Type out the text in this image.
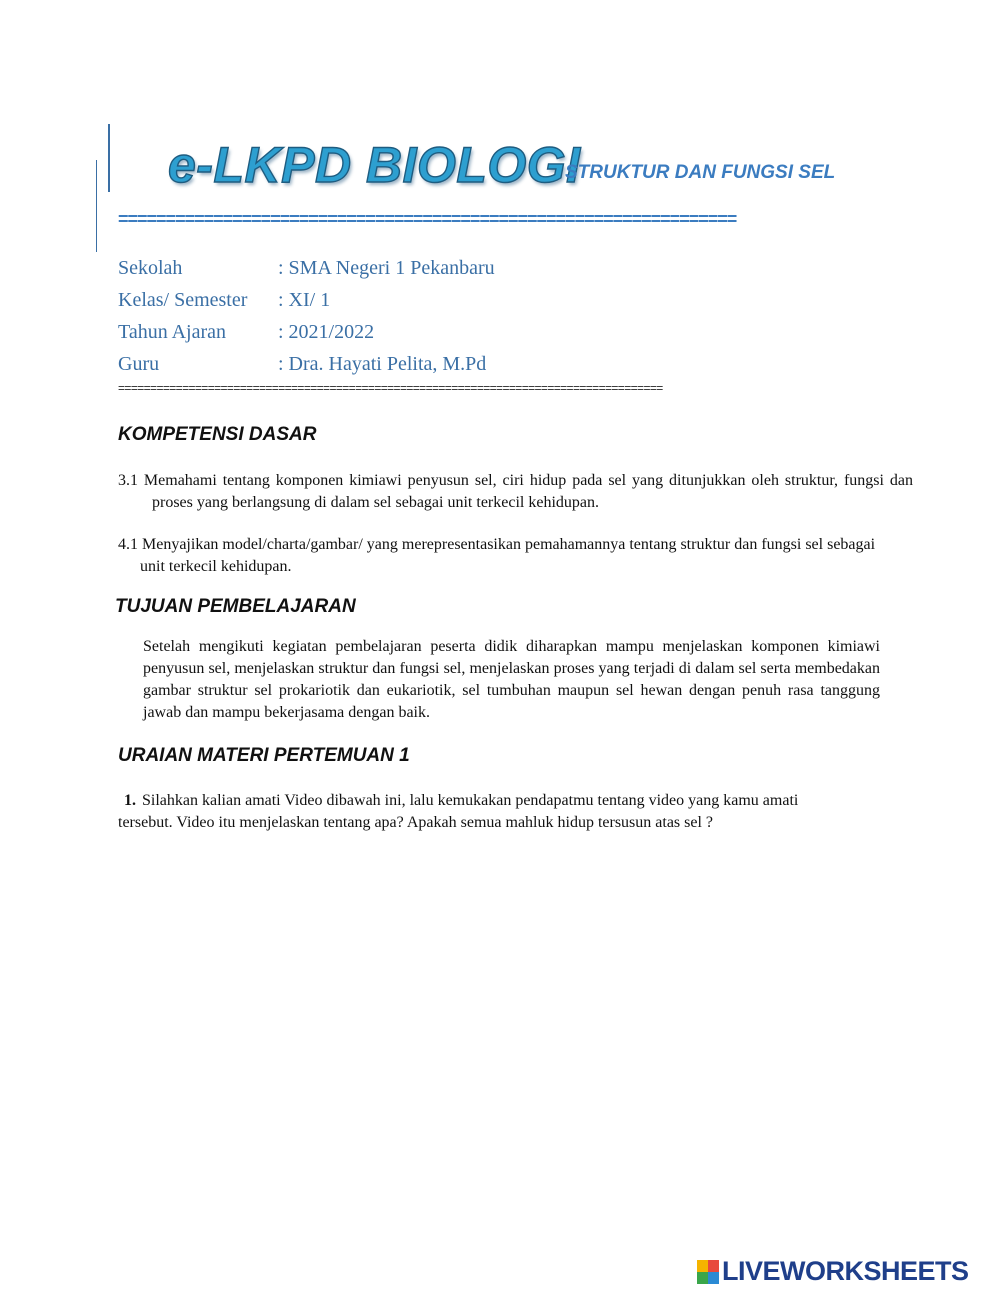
e-LKPD BIOLOGI
STRUKTUR DAN FUNGSI SEL
=================================================================
Sekolah	: SMA Negeri 1 Pekanbaru
Kelas/ Semester : XI/ 1
Tahun Ajaran	: 2021/2022
Guru	: Dra. Hayati Pelita, M.Pd
=====================================================================================
KOMPETENSI DASAR
3.1 Memahami tentang komponen kimiawi penyusun sel, ciri hidup pada sel yang ditunjukkan oleh struktur, fungsi dan proses yang berlangsung di dalam sel sebagai unit terkecil kehidupan.
4.1 Menyajikan model/charta/gambar/ yang merepresentasikan pemahamannya tentang struktur dan fungsi sel sebagai unit terkecil kehidupan.
TUJUAN PEMBELAJARAN
Setelah mengikuti kegiatan pembelajaran peserta didik diharapkan mampu menjelaskan komponen kimiawi penyusun sel, menjelaskan struktur dan fungsi sel, menjelaskan proses yang terjadi di dalam sel serta membedakan gambar struktur sel prokariotik dan eukariotik, sel tumbuhan maupun sel hewan dengan penuh rasa tanggung jawab dan mampu bekerjasama dengan baik.
URAIAN MATERI PERTEMUAN 1
1. Silahkan kalian amati Video dibawah ini, lalu kemukakan pendapatmu tentang video yang kamu amati tersebut. Video itu menjelaskan tentang apa? Apakah semua mahluk hidup tersusun atas sel ?
LIVEWORKSHEETS
